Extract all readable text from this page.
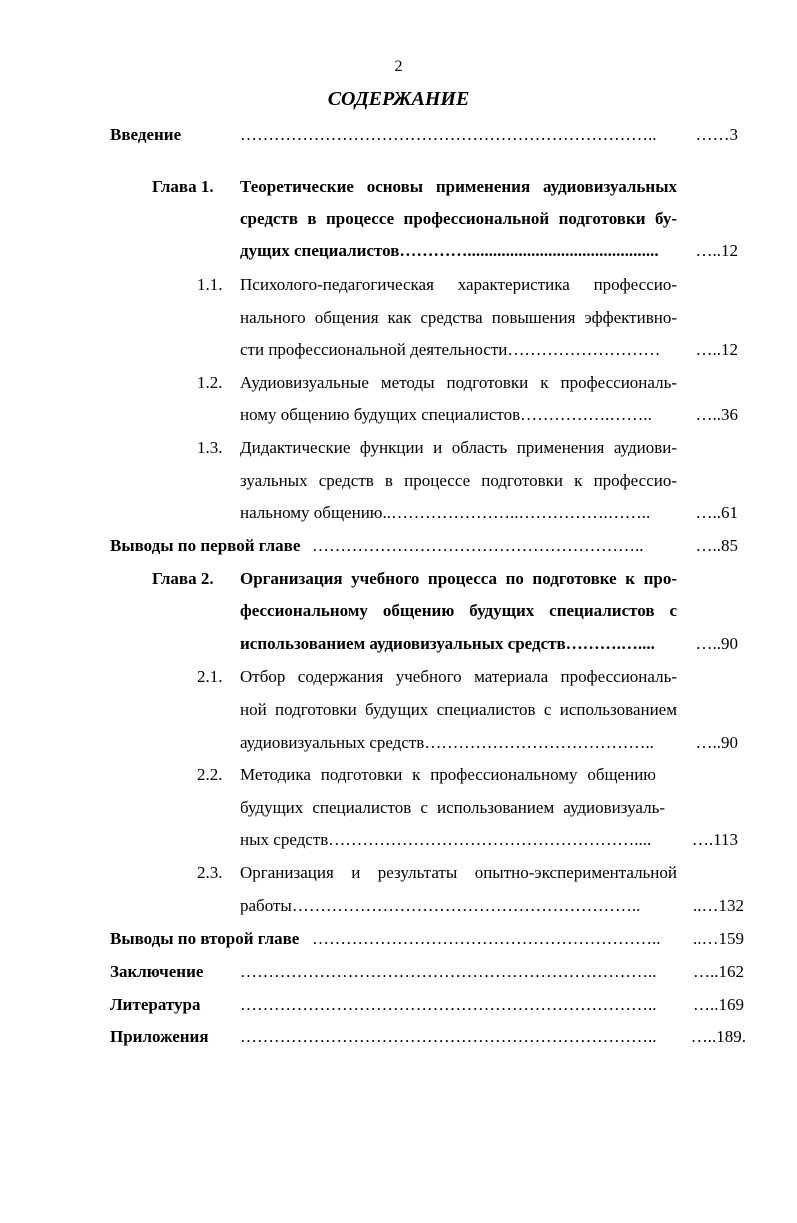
2
СОДЕРЖАНИЕ
Введение	………………………………………………………………..	……3
Глава 1. Теоретические основы применения аудиовизуальных
средств в процессе профессиональной подготовки бу-
дущих специалистов………….............................................	…..12
1.1. Психолого-педагогическая характеристика профессио-
нального общения как средства повышения эффективно-
сти профессиональной деятельности………………………	…..12
1.2. Аудиовизуальные методы подготовки к профессиональ-
ному общению будущих специалистов…………….……..	…..36
1.3. Дидактические функции и область применения аудиови-
зуальных средств в процессе подготовки к профессио-
нальному общению..…………………..…………….……..	…..61
Выводы по первой главе …………………………………………………..	…..85
Глава 2. Организация учебного процесса по подготовке к про-
фессиональному общению будущих специалистов с
использованием аудиовизуальных средств……….…....	…..90
2.1. Отбор содержания учебного материала профессиональ-
ной подготовки будущих специалистов с использованием
аудиовизуальных средств…………………………………..	…..90
2.2. Методика подготовки к профессиональному общению
будущих специалистов с использованием аудиовизуаль-
ных средств………………………………………………....	….113
2.3. Организация и результаты опытно-экспериментальной
работы……………………………………………………..	..…132
Выводы по второй главе ……………………………………………………..	..…159
Заключение ………………………………………………………………..	…..162
Литература ………………………………………………………………..	…..169
Приложения ………………………………………………………………..	…..189.
